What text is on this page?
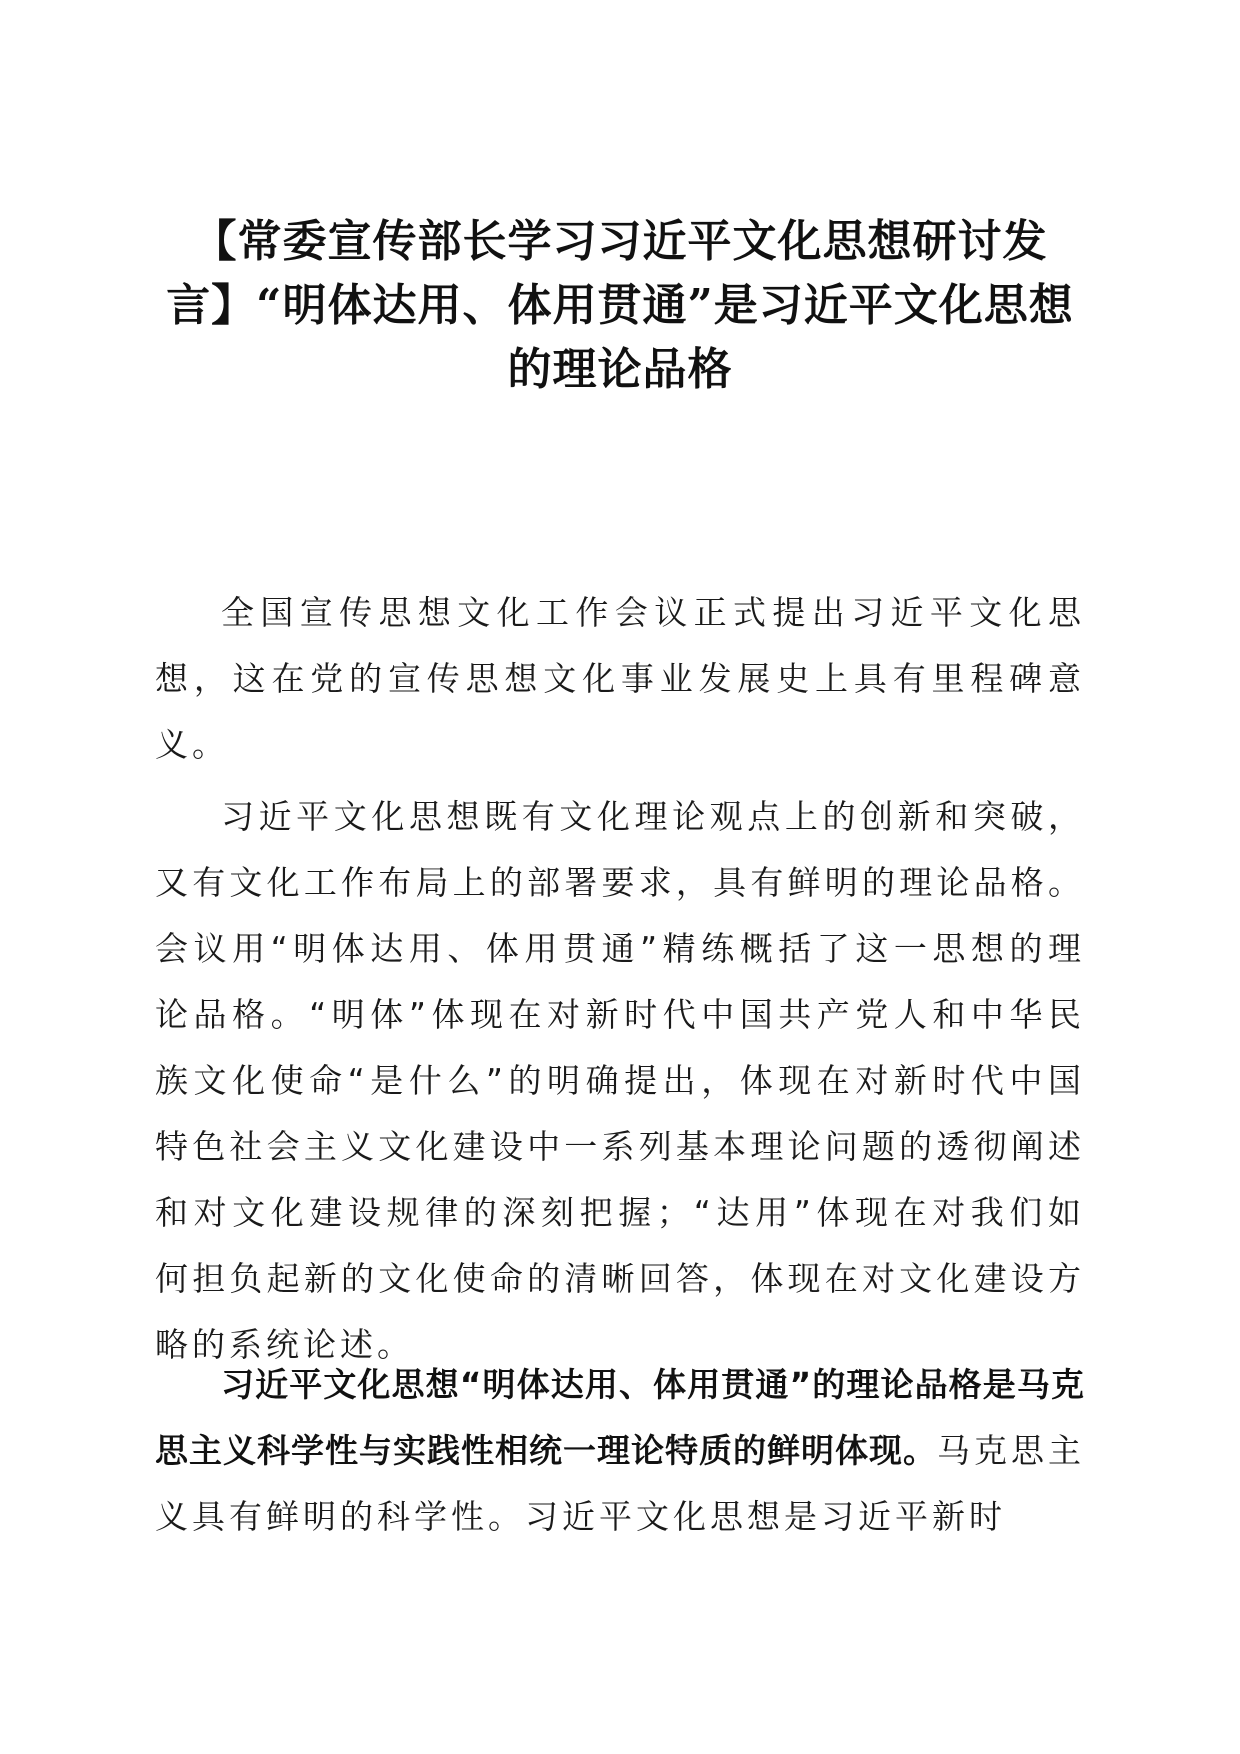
【常委宣传部长学习习近平文化思想研讨发言】“明体达用、体用贯通”是习近平文化思想的理论品格

全国宣传思想文化工作会议正式提出习近平文化思想，这在党的宣传思想文化事业发展史上具有里程碑意义。

习近平文化思想既有文化理论观点上的创新和突破，又有文化工作布局上的部署要求，具有鲜明的理论品格。会议用“明体达用、体用贯通”精练概括了这一思想的理论品格。“明体”体现在对新时代中国共产党人和中华民族文化使命“是什么”的明确提出，体现在对新时代中国特色社会主义文化建设中一系列基本理论问题的透彻阐述和对文化建设规律的深刻把握；“达用”体现在对我们如何担负起新的文化使命的清晰回答，体现在对文化建设方略的系统论述。

习近平文化思想“明体达用、体用贯通”的理论品格是马克思主义科学性与实践性相统一理论特质的鲜明体现。马克思主义具有鲜明的科学性。习近平文化思想是习近平新时
